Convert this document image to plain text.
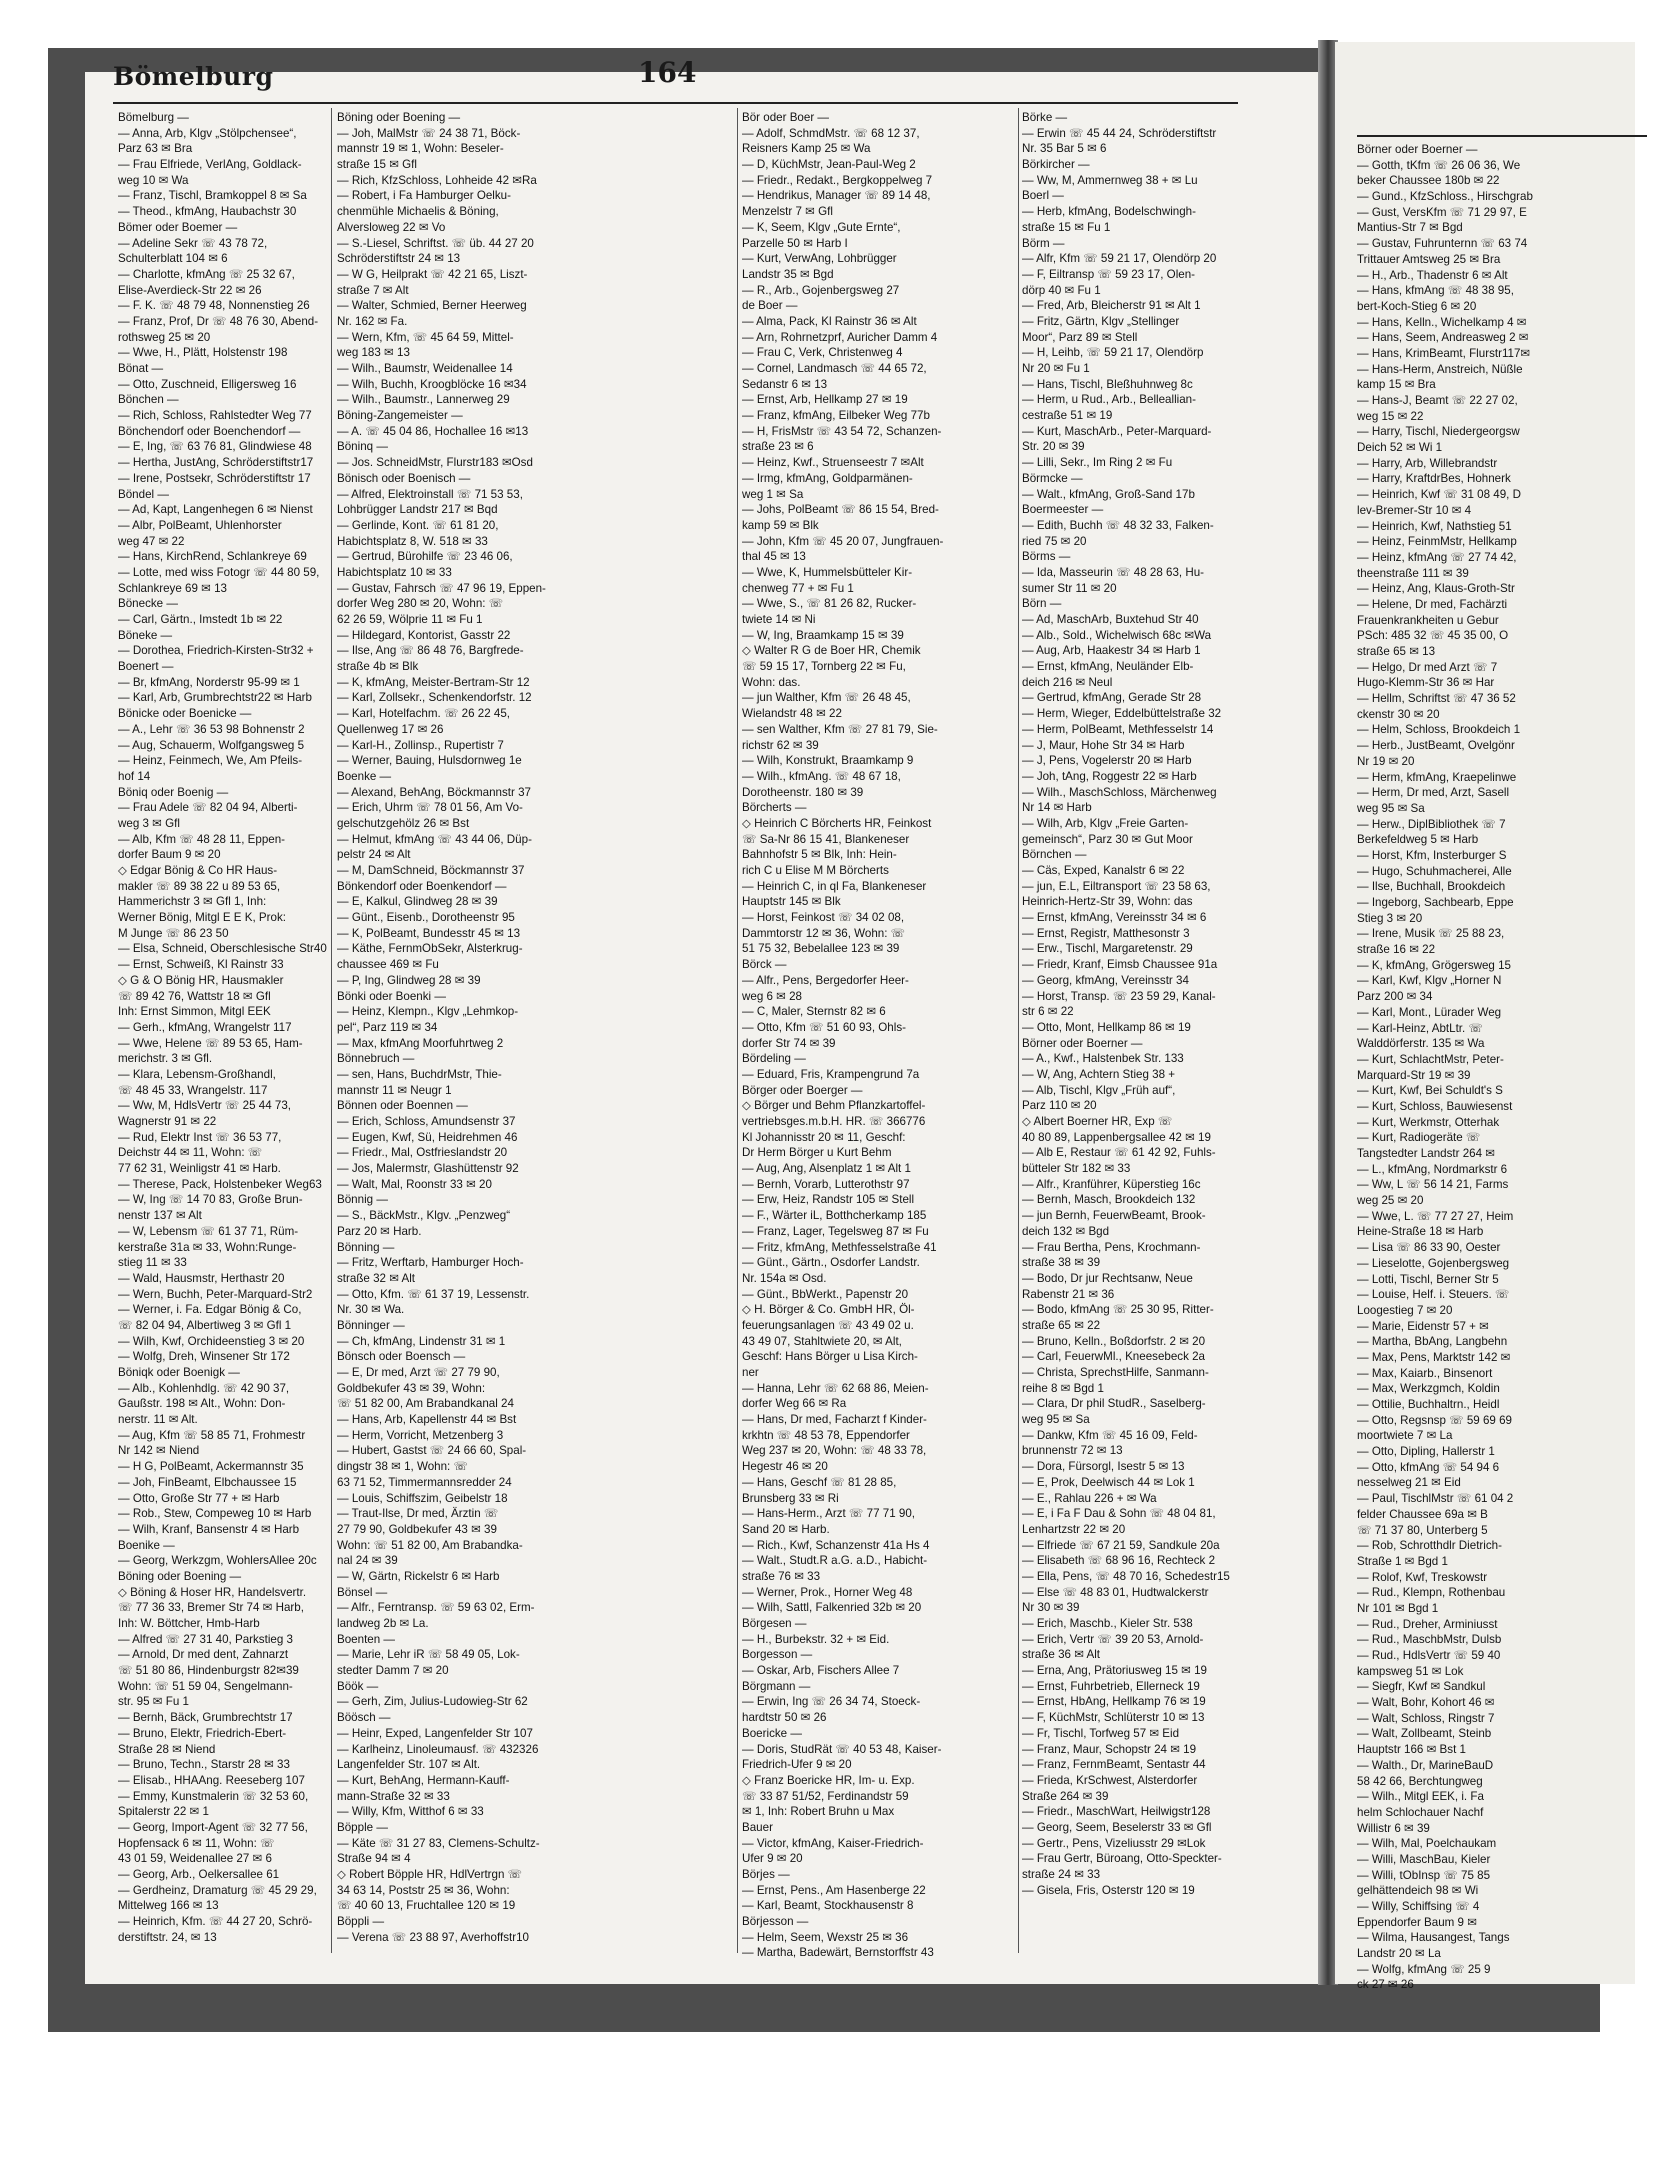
Börner oder Boerner —
— Gotth, tKfm ☏ 26 06 36, We
beker Chaussee 180b ✉ 22
— Gund., KfzSchloss., Hirschgrab
— Gust, VersKfm ☏ 71 29 97, E
Mantius-Str 7 ✉ Bgd
— Gustav, Fuhrunternn ☏ 63 74
Trittauer Amtsweg 25 ✉ Bra
— H., Arb., Thadenstr 6 ✉ Alt
— Hans, kfmAng ☏ 48 38 95,
bert-Koch-Stieg 6 ✉ 20
— Hans, Kelln., Wichelkamp 4 ✉
— Hans, Seem, Andreasweg 2 ✉
— Hans, KrimBeamt, Flurstr117✉
— Hans-Herm, Anstreich, Nüßle
kamp 15 ✉ Bra
— Hans-J, Beamt ☏ 22 27 02,
weg 15 ✉ 22
— Harry, Tischl, Niedergeorgsw
Deich 52 ✉ Wi 1
— Harry, Arb, Willebrandstr
— Harry, KraftdrBes, Hohnerk
— Heinrich, Kwf ☏ 31 08 49, D
lev-Bremer-Str 10 ✉ 4
— Heinrich, Kwf, Nathstieg 51
— Heinz, FeinmMstr, Hellkamp
— Heinz, kfmAng ☏ 27 74 42,
theenstraße 111 ✉ 39
— Heinz, Ang, Klaus-Groth-Str
— Helene, Dr med, Fachärzti
Frauenkrankheiten u Gebur
PSch: 485 32 ☏ 45 35 00, O
straße 65 ✉ 13
— Helgo, Dr med Arzt ☏ 7
Hugo-Klemm-Str 36 ✉ Har
— Hellm, Schriftst ☏ 47 36 52
ckenstr 30 ✉ 20
— Helm, Schloss, Brookdeich 1
— Herb., JustBeamt, Ovelgönr
Nr 19 ✉ 20
— Herm, kfmAng, Kraepelinwe
— Herm, Dr med, Arzt, Sasell
weg 95 ✉ Sa
— Herw., DiplBibliothek ☏ 7
Berkefeldweg 5 ✉ Harb
— Horst, Kfm, Insterburger S
— Hugo, Schuhmacherei, Alle
— Ilse, Buchhall, Brookdeich
— Ingeborg, Sachbearb, Eppe
Stieg 3 ✉ 20
— Irene, Musik ☏ 25 88 23,
straße 16 ✉ 22
— K, kfmAng, Grögersweg 15
— Karl, Kwf, Klgv „Horner N
Parz 200 ✉ 34
— Karl, Mont., Lürader Weg
— Karl-Heinz, AbtLtr. ☏
Walddörferstr. 135 ✉ Wa
— Kurt, SchlachtMstr, Peter-
Marquard-Str 19 ✉ 39
— Kurt, Kwf, Bei Schuldt's S
— Kurt, Schloss, Bauwiesenst
— Kurt, Werkmstr, Otterhak
— Kurt, Radiogeräte ☏
Tangstedter Landstr 264 ✉
— L., kfmAng, Nordmarkstr 6
— Ww, L ☏ 56 14 21, Farms
weg 25 ✉ 20
— Wwe, L. ☏ 77 27 27, Heim
Heine-Straße 18 ✉ Harb
— Lisa ☏ 86 33 90, Oester
— Lieselotte, Gojenbergsweg
— Lotti, Tischl, Berner Str 5
— Louise, Helf. i. Steuers. ☏
Loogestieg 7 ✉ 20
— Marie, Eidenstr 57 + ✉
— Martha, BbAng, Langbehn
— Max, Pens, Marktstr 142 ✉
— Max, Kaiarb., Binsenort
— Max, Werkzgmch, Koldin
— Ottilie, Buchhaltrn., Heidl
— Otto, Regsnsp ☏ 59 69 69
moortwiete 7 ✉ La
— Otto, Dipling, Hallerstr 1
— Otto, kfmAng ☏ 54 94 6
nesselweg 21 ✉ Eid
— Paul, TischlMstr ☏ 61 04 2
felder Chaussee 69a ✉ B
☏ 71 37 80, Unterberg 5
— Rob, Schrotthdlr Dietrich-
Straße 1 ✉ Bgd 1
— Rolof, Kwf, Treskowstr
— Rud., Klempn, Rothenbau
Nr 101 ✉ Bgd 1
— Rud., Dreher, Arminiusst
— Rud., MaschbMstr, Dulsb
— Rud., HdlsVertr ☏ 59 40
kampsweg 51 ✉ Lok
— Siegfr, Kwf ✉ Sandkul
— Walt, Bohr, Kohort 46 ✉
— Walt, Schloss, Ringstr 7
— Walt, Zollbeamt, Steinb
Hauptstr 166 ✉ Bst 1
— Walth., Dr, MarineBauD
58 42 66, Berchtungweg
— Wilh., Mitgl EEK, i. Fa
helm Schlochauer Nachf
Willistr 6 ✉ 39
— Wilh, Mal, Poelchaukam
— Willi, MaschBau, Kieler
— Willi, tObInsp ☏ 75 85
gelhättendeich 98 ✉ Wi
— Willy, Schiffsing ☏ 4
Eppendorfer Baum 9 ✉
— Wilma, Hausangest, Tangs
Landstr 20 ✉ La
— Wolfg, kfmAng ☏ 25 9
ck 27 ✉ 26
Bömelburg	164
Bömelburg —
— Anna, Arb, Klgv „Stölpchensee“,
Parz 63 ✉ Bra
— Frau Elfriede, VerlAng, Goldlack-
weg 10 ✉ Wa
— Franz, Tischl, Bramkoppel 8 ✉ Sa
— Theod., kfmAng, Haubachstr 30
Bömer oder Boemer —
— Adeline Sekr ☏ 43 78 72,
Schulterblatt 104 ✉ 6
— Charlotte, kfmAng ☏ 25 32 67,
Elise-Averdieck-Str 22 ✉ 26
— F. K. ☏ 48 79 48, Nonnenstieg 26
— Franz, Prof, Dr ☏ 48 76 30, Abend-
rothsweg 25 ✉ 20
— Wwe, H., Plätt, Holstenstr 198
Bönat —
— Otto, Zuschneid, Elligersweg 16
Bönchen —
— Rich, Schloss, Rahlstedter Weg 77
Bönchendorf oder Boenchendorf —
— E, Ing, ☏ 63 76 81, Glindwiese 48
— Hertha, JustAng, Schröderstiftstr17
— Irene, Postsekr, Schröderstiftstr 17
Böndel —
— Ad, Kapt, Langenhegen 6 ✉ Nienst
— Albr, PolBeamt, Uhlenhorster
weg 47 ✉ 22
— Hans, KirchRend, Schlankreye 69
— Lotte, med wiss Fotogr ☏ 44 80 59,
Schlankreye 69 ✉ 13
Bönecke —
— Carl, Gärtn., Imstedt 1b ✉ 22
Böneke —
— Dorothea, Friedrich-Kirsten-Str32 +
Boenert —
— Br, kfmAng, Norderstr 95-99 ✉ 1
— Karl, Arb, Grumbrechtstr22 ✉ Harb
Bönicke oder Boenicke —
— A., Lehr ☏ 36 53 98 Bohnenstr 2
— Aug, Schauerm, Wolfgangsweg 5
— Heinz, Feinmech, We, Am Pfeils-
hof 14
Böniq oder Boenig —
— Frau Adele ☏ 82 04 94, Alberti-
weg 3 ✉ Gfl
— Alb, Kfm ☏ 48 28 11, Eppen-
dorfer Baum 9 ✉ 20
◇ Edgar Bönig & Co HR Haus-
makler ☏ 89 38 22 u 89 53 65,
Hammerichstr 3 ✉ Gfl 1, Inh:
Werner Bönig, Mitgl E E K, Prok:
M Junge ☏ 86 23 50
— Elsa, Schneid, Oberschlesische Str40
— Ernst, Schweiß, Kl Rainstr 33
◇ G & O Bönig HR, Hausmakler
☏ 89 42 76, Wattstr 18 ✉ Gfl
Inh: Ernst Simmon, Mitgl EEK
— Gerh., kfmAng, Wrangelstr 117
— Wwe, Helene ☏ 89 53 65, Ham-
merichstr. 3 ✉ Gfl.
— Klara, Lebensm-Großhandl,
☏ 48 45 33, Wrangelstr. 117
— Ww, M, HdlsVertr ☏ 25 44 73,
Wagnerstr 91 ✉ 22
— Rud, Elektr Inst ☏ 36 53 77,
Deichstr 44 ✉ 11, Wohn: ☏
77 62 31, Weinligstr 41 ✉ Harb.
— Therese, Pack, Holstenbeker Weg63
— W, Ing ☏ 14 70 83, Große Brun-
nenstr 137 ✉ Alt
— W, Lebensm ☏ 61 37 71, Rüm-
kerstraße 31a ✉ 33, Wohn:Runge-
stieg 11 ✉ 33
— Wald, Hausmstr, Herthastr 20
— Wern, Buchh, Peter-Marquard-Str2
— Werner, i. Fa. Edgar Bönig & Co,
☏ 82 04 94, Albertiweg 3 ✉ Gfl 1
— Wilh, Kwf, Orchideenstieg 3 ✉ 20
— Wolfg, Dreh, Winsener Str 172
Böniqk oder Boenigk —
— Alb., Kohlenhdlg. ☏ 42 90 37,
Gaußstr. 198 ✉ Alt., Wohn: Don-
nerstr. 11 ✉ Alt.
— Aug, Kfm ☏ 58 85 71, Frohmestr
Nr 142 ✉ Niend
— H G, PolBeamt, Ackermannstr 35
— Joh, FinBeamt, Elbchaussee 15
— Otto, Große Str 77 + ✉ Harb
— Rob., Stew, Compeweg 10 ✉ Harb
— Wilh, Kranf, Bansenstr 4 ✉ Harb
Boenike —
— Georg, Werkzgm, WohlersAllee 20c
Böning oder Boening —
◇ Böning & Hoser HR, Handelsvertr.
☏ 77 36 33, Bremer Str 74 ✉ Harb,
Inh: W. Böttcher, Hmb-Harb
— Alfred ☏ 27 31 40, Parkstieg 3
— Arnold, Dr med dent, Zahnarzt
☏ 51 80 86, Hindenburgstr 82✉39
Wohn: ☏ 51 59 04, Sengelmann-
str. 95 ✉ Fu 1
— Bernh, Bäck, Grumbrechtstr 17
— Bruno, Elektr, Friedrich-Ebert-
Straße 28 ✉ Niend
— Bruno, Techn., Starstr 28 ✉ 33
— Elisab., HHAAng. Reeseberg 107
— Emmy, Kunstmalerin ☏ 32 53 60,
Spitalerstr 22 ✉ 1
— Georg, Import-Agent ☏ 32 77 56,
Hopfensack 6 ✉ 11, Wohn: ☏
43 01 59, Weidenallee 27 ✉ 6
— Georg, Arb., Oelkersallee 61
— Gerdheinz, Dramaturg ☏ 45 29 29,
Mittelweg 166 ✉ 13
— Heinrich, Kfm. ☏ 44 27 20, Schrö-
derstiftstr. 24, ✉ 13
Böning oder Boening —
— Joh, MalMstr ☏ 24 38 71, Böck-
mannstr 19 ✉ 1, Wohn: Beseler-
straße 15 ✉ Gfl
— Rich, KfzSchloss, Lohheide 42 ✉Ra
— Robert, i Fa Hamburger Oelku-
chenmühle Michaelis & Böning,
Alversloweg 22 ✉ Vo
— S.-Liesel, Schriftst. ☏ üb. 44 27 20
Schröderstiftstr 24 ✉ 13
— W G, Heilprakt ☏ 42 21 65, Liszt-
straße 7 ✉ Alt
— Walter, Schmied, Berner Heerweg
Nr. 162 ✉ Fa.
— Wern, Kfm, ☏ 45 64 59, Mittel-
weg 183 ✉ 13
— Wilh., Baumstr, Weidenallee 14
— Wilh, Buchh, Kroogblöcke 16 ✉34
— Wilh., Baumstr., Lannerweg 29
Böning-Zangemeister —
— A. ☏ 45 04 86, Hochallee 16 ✉13
Böninq —
— Jos. SchneidMstr, Flurstr183 ✉Osd
Bönisch oder Boenisch —
— Alfred, Elektroinstall ☏ 71 53 53,
Lohbrügger Landstr 217 ✉ Bqd
— Gerlinde, Kont. ☏ 61 81 20,
Habichtsplatz 8, W. 518 ✉ 33
— Gertrud, Bürohilfe ☏ 23 46 06,
Habichtsplatz 10 ✉ 33
— Gustav, Fahrsch ☏ 47 96 19, Eppen-
dorfer Weg 280 ✉ 20, Wohn: ☏
62 26 59, Wölprie 11 ✉ Fu 1
— Hildegard, Kontorist, Gasstr 22
— Ilse, Ang ☏ 86 48 76, Bargfrede-
straße 4b ✉ Blk
— K, kfmAng, Meister-Bertram-Str 12
— Karl, Zollsekr., Schenkendorfstr. 12
— Karl, Hotelfachm. ☏ 26 22 45,
Quellenweg 17 ✉ 26
— Karl-H., Zollinsp., Rupertistr 7
— Werner, Bauing, Hulsdornweg 1e
Boenke —
— Alexand, BehAng, Böckmannstr 37
— Erich, Uhrm ☏ 78 01 56, Am Vo-
gelschutzgehölz 26 ✉ Bst
— Helmut, kfmAng ☏ 43 44 06, Düp-
pelstr 24 ✉ Alt
— M, DamSchneid, Böckmannstr 37
Bönkendorf oder Boenkendorf —
— E, Kalkul, Glindweg 28 ✉ 39
— Günt., Eisenb., Dorotheenstr 95
— K, PolBeamt, Bundesstr 45 ✉ 13
— Käthe, FernmObSekr, Alsterkrug-
chaussee 469 ✉ Fu
— P, Ing, Glindweg 28 ✉ 39
Bönki oder Boenki —
— Heinz, Klempn., Klgv „Lehmkop-
pel“, Parz 119 ✉ 34
— Max, kfmAng Moorfuhrtweg 2
Bönnebruch —
— sen, Hans, BuchdrMstr, Thie-
mannstr 11 ✉ Neugr 1
Bönnen oder Boennen —
— Erich, Schloss, Amundsenstr 37
— Eugen, Kwf, Sü, Heidrehmen 46
— Friedr., Mal, Ostfrieslandstr 20
— Jos, Malermstr, Glashüttenstr 92
— Walt, Mal, Roonstr 33 ✉ 20
Bönnig —
— S., BäckMstr., Klgv. „Penzweg“
Parz 20 ✉ Harb.
Bönning —
— Fritz, Werftarb, Hamburger Hoch-
straße 32 ✉ Alt
— Otto, Kfm. ☏ 61 37 19, Lessenstr.
Nr. 30 ✉ Wa.
Bönninger —
— Ch, kfmAng, Lindenstr 31 ✉ 1
Bönsch oder Boensch —
— E, Dr med, Arzt ☏ 27 79 90,
Goldbekufer 43 ✉ 39, Wohn:
☏ 51 82 00, Am Brabandkanal 24
— Hans, Arb, Kapellenstr 44 ✉ Bst
— Herm, Vorricht, Metzenberg 3
— Hubert, Gastst ☏ 24 66 60, Spal-
dingstr 38 ✉ 1, Wohn: ☏
63 71 52, Timmermannsredder 24
— Louis, Schiffszim, Geibelstr 18
— Traut-Ilse, Dr med, Ärztin ☏
27 79 90, Goldbekufer 43 ✉ 39
Wohn: ☏ 51 82 00, Am Brabandka-
nal 24 ✉ 39
— W, Gärtn, Rickelstr 6 ✉ Harb
Bönsel —
— Alfr., Ferntransp. ☏ 59 63 02, Erm-
landweg 2b ✉ La.
Boenten —
— Marie, Lehr iR ☏ 58 49 05, Lok-
stedter Damm 7 ✉ 20
Böök —
— Gerh, Zim, Julius-Ludowieg-Str 62
Böösch —
— Heinr, Exped, Langenfelder Str 107
— Karlheinz, Linoleumausf. ☏ 432326
Langenfelder Str. 107 ✉ Alt.
— Kurt, BehAng, Hermann-Kauff-
mann-Straße 32 ✉ 33
— Willy, Kfm, Witthof 6 ✉ 33
Böpple —
— Käte ☏ 31 27 83, Clemens-Schultz-
Straße 94 ✉ 4
◇ Robert Böpple HR, HdlVertrgn ☏
34 63 14, Poststr 25 ✉ 36, Wohn:
☏ 40 60 13, Fruchtallee 120 ✉ 19
Böppli —
— Verena ☏ 23 88 97, Averhoffstr10
Bör oder Boer —
— Adolf, SchmdMstr. ☏ 68 12 37,
Reisners Kamp 25 ✉ Wa
— D, KüchMstr, Jean-Paul-Weg 2
— Friedr., Redakt., Bergkoppelweg 7
— Hendrikus, Manager ☏ 89 14 48,
Menzelstr 7 ✉ Gfl
— K, Seem, Klgv „Gute Ernte“,
Parzelle 50 ✉ Harb I
— Kurt, VerwAng, Lohbrügger
Landstr 35 ✉ Bgd
— R., Arb., Gojenbergsweg 27
de Boer —
— Alma, Pack, Kl Rainstr 36 ✉ Alt
— Arn, Rohrnetzprf, Auricher Damm 4
— Frau C, Verk, Christenweg 4
— Cornel, Landmasch ☏ 44 65 72,
Sedanstr 6 ✉ 13
— Ernst, Arb, Hellkamp 27 ✉ 19
— Franz, kfmAng, Eilbeker Weg 77b
— H, FrisMstr ☏ 43 54 72, Schanzen-
straße 23 ✉ 6
— Heinz, Kwf., Struenseestr 7 ✉Alt
— Irmg, kfmAng, Goldparmänen-
weg 1 ✉ Sa
— Johs, PolBeamt ☏ 86 15 54, Bred-
kamp 59 ✉ Blk
— John, Kfm ☏ 45 20 07, Jungfrauen-
thal 45 ✉ 13
— Wwe, K, Hummelsbütteler Kir-
chenweg 77 + ✉ Fu 1
— Wwe, S., ☏ 81 26 82, Rucker-
twiete 14 ✉ Ni
— W, Ing, Braamkamp 15 ✉ 39
◇ Walter R G de Boer HR, Chemik
☏ 59 15 17, Tornberg 22 ✉ Fu,
Wohn: das.
— jun Walther, Kfm ☏ 26 48 45,
Wielandstr 48 ✉ 22
— sen Walther, Kfm ☏ 27 81 79, Sie-
richstr 62 ✉ 39
— Wilh, Konstrukt, Braamkamp 9
— Wilh., kfmAng. ☏ 48 67 18,
Dorotheenstr. 180 ✉ 39
Börcherts —
◇ Heinrich C Börcherts HR, Feinkost
☏ Sa-Nr 86 15 41, Blankeneser
Bahnhofstr 5 ✉ Blk, Inh: Hein-
rich C u Elise M M Börcherts
— Heinrich C, in ql Fa, Blankeneser
Hauptstr 145 ✉ Blk
— Horst, Feinkost ☏ 34 02 08,
Dammtorstr 12 ✉ 36, Wohn: ☏
51 75 32, Bebelallee 123 ✉ 39
Börck —
— Alfr., Pens, Bergedorfer Heer-
weg 6 ✉ 28
— C, Maler, Sternstr 82 ✉ 6
— Otto, Kfm ☏ 51 60 93, Ohls-
dorfer Str 74 ✉ 39
Bördeling —
— Eduard, Fris, Krampengrund 7a
Börger oder Boerger —
◇ Börger und Behm Pflanzkartoffel-
vertriebsges.m.b.H. HR. ☏ 366776
Kl Johannisstr 20 ✉ 11, Geschf:
Dr Herm Börger u Kurt Behm
— Aug, Ang, Alsenplatz 1 ✉ Alt 1
— Bernh, Vorarb, Lutterothstr 97
— Erw, Heiz, Randstr 105 ✉ Stell
— F., Wärter iL, Botthcherkamp 185
— Franz, Lager, Tegelsweg 87 ✉ Fu
— Fritz, kfmAng, Methfesselstraße 41
— Günt., Gärtn., Osdorfer Landstr.
Nr. 154a ✉ Osd.
— Günt., BbWerkt., Papenstr 20
◇ H. Börger & Co. GmbH HR, Öl-
feuerungsanlagen ☏ 43 49 02 u.
43 49 07, Stahltwiete 20, ✉ Alt,
Geschf: Hans Börger u Lisa Kirch-
ner
— Hanna, Lehr ☏ 62 68 86, Meien-
dorfer Weg 66 ✉ Ra
— Hans, Dr med, Facharzt f Kinder-
krkhtn ☏ 48 53 78, Eppendorfer
Weg 237 ✉ 20, Wohn: ☏ 48 33 78,
Hegestr 46 ✉ 20
— Hans, Geschf ☏ 81 28 85,
Brunsberg 33 ✉ Ri
— Hans-Herm., Arzt ☏ 77 71 90,
Sand 20 ✉ Harb.
— Rich., Kwf, Schanzenstr 41a Hs 4
— Walt., Studt.R a.G. a.D., Habicht-
straße 76 ✉ 33
— Werner, Prok., Horner Weg 48
— Wilh, Sattl, Falkenried 32b ✉ 20
Börgesen —
— H., Burbekstr. 32 + ✉ Eid.
Borgesson —
— Oskar, Arb, Fischers Allee 7
Börgmann —
— Erwin, Ing ☏ 26 34 74, Stoeck-
hardtstr 50 ✉ 26
Boericke —
— Doris, StudRät ☏ 40 53 48, Kaiser-
Friedrich-Ufer 9 ✉ 20
◇ Franz Boericke HR, Im- u. Exp.
☏ 33 87 51/52, Ferdinandstr 59
✉ 1, Inh: Robert Bruhn u Max
Bauer
— Victor, kfmAng, Kaiser-Friedrich-
Ufer 9 ✉ 20
Börjes —
— Ernst, Pens., Am Hasenberge 22
— Karl, Beamt, Stockhausenstr 8
Börjesson —
— Helm, Seem, Wexstr 25 ✉ 36
— Martha, Badewärt, Bernstorffstr 43
Börke —
— Erwin ☏ 45 44 24, Schröderstiftstr
Nr. 35 Bar 5 ✉ 6
Börkircher —
— Ww, M, Ammernweg 38 + ✉ Lu
Boerl —
— Herb, kfmAng, Bodelschwingh-
straße 15 ✉ Fu 1
Börm —
— Alfr, Kfm ☏ 59 21 17, Olendörp 20
— F, Eiltransp ☏ 59 23 17, Olen-
dörp 40 ✉ Fu 1
— Fred, Arb, Bleicherstr 91 ✉ Alt 1
— Fritz, Gärtn, Klgv „Stellinger
Moor“, Parz 89 ✉ Stell
— H, Leihb, ☏ 59 21 17, Olendörp
Nr 20 ✉ Fu 1
— Hans, Tischl, Bleßhuhnweg 8c
— Herm, u Rud., Arb., Belleallian-
cestraße 51 ✉ 19
— Kurt, MaschArb., Peter-Marquard-
Str. 20 ✉ 39
— Lilli, Sekr., Im Ring 2 ✉ Fu
Börmcke —
— Walt., kfmAng, Groß-Sand 17b
Boermeester —
— Edith, Buchh ☏ 48 32 33, Falken-
ried 75 ✉ 20
Börms —
— Ida, Masseurin ☏ 48 28 63, Hu-
sumer Str 11 ✉ 20
Börn —
— Ad, MaschArb, Buxtehud Str 40
— Alb., Sold., Wichelwisch 68c ✉Wa
— Aug, Arb, Haakestr 34 ✉ Harb 1
— Ernst, kfmAng, Neuländer Elb-
deich 216 ✉ Neul
— Gertrud, kfmAng, Gerade Str 28
— Herm, Wieger, Eddelbüttelstraße 32
— Herm, PolBeamt, Methfesselstr 14
— J, Maur, Hohe Str 34 ✉ Harb
— J, Pens, Vogelerstr 20 ✉ Harb
— Joh, tAng, Roggestr 22 ✉ Harb
— Wilh., MaschSchloss, Märchenweg
Nr 14 ✉ Harb
— Wilh, Arb, Klgv „Freie Garten-
gemeinsch“, Parz 30 ✉ Gut Moor
Börnchen —
— Cäs, Exped, Kanalstr 6 ✉ 22
— jun, E.L, Eiltransport ☏ 23 58 63,
Heinrich-Hertz-Str 39, Wohn: das
— Ernst, kfmAng, Vereinsstr 34 ✉ 6
— Ernst, Registr, Matthesonstr 3
— Erw., Tischl, Margaretenstr. 29
— Friedr, Kranf, Eimsb Chaussee 91a
— Georg, kfmAng, Vereinsstr 34
— Horst, Transp. ☏ 23 59 29, Kanal-
str 6 ✉ 22
— Otto, Mont, Hellkamp 86 ✉ 19
Börner oder Boerner —
— A., Kwf., Halstenbek Str. 133
— W, Ang, Achtern Stieg 38 +
— Alb, Tischl, Klgv „Früh auf“,
Parz 110 ✉ 20
◇ Albert Boerner HR, Exp ☏
40 80 89, Lappenbergsallee 42 ✉ 19
— Alb E, Restaur ☏ 61 42 92, Fuhls-
bütteler Str 182 ✉ 33
— Alfr., Kranführer, Küperstieg 16c
— Bernh, Masch, Brookdeich 132
— jun Bernh, FeuerwBeamt, Brook-
deich 132 ✉ Bgd
— Frau Bertha, Pens, Krochmann-
straße 38 ✉ 39
— Bodo, Dr jur Rechtsanw, Neue
Rabenstr 21 ✉ 36
— Bodo, kfmAng ☏ 25 30 95, Ritter-
straße 65 ✉ 22
— Bruno, Kelln., Boßdorfstr. 2 ✉ 20
— Carl, FeuerwMl., Kneesebeck 2a
— Christa, SprechstHilfe, Sanmann-
reihe 8 ✉ Bgd 1
— Clara, Dr phil StudR., Saselberg-
weg 95 ✉ Sa
— Dankw, Kfm ☏ 45 16 09, Feld-
brunnenstr 72 ✉ 13
— Dora, Fürsorgl, Isestr 5 ✉ 13
— E, Prok, Deelwisch 44 ✉ Lok 1
— E., Rahlau 226 + ✉ Wa
— E, i Fa F Dau & Sohn ☏ 48 04 81,
Lenhartzstr 22 ✉ 20
— Elfriede ☏ 67 21 59, Sandkule 20a
— Elisabeth ☏ 68 96 16, Rechteck 2
— Ella, Pens, ☏ 48 70 16, Schedestr15
— Else ☏ 48 83 01, Hudtwalckerstr
Nr 30 ✉ 39
— Erich, Maschb., Kieler Str. 538
— Erich, Vertr ☏ 39 20 53, Arnold-
straße 36 ✉ Alt
— Erna, Ang, Prätoriusweg 15 ✉ 19
— Ernst, Fuhrbetrieb, Ellerneck 19
— Ernst, HbAng, Hellkamp 76 ✉ 19
— F, KüchMstr, Schlüterstr 10 ✉ 13
— Fr, Tischl, Torfweg 57 ✉ Eid
— Franz, Maur, Schopstr 24 ✉ 19
— Franz, FernmBeamt, Sentastr 44
— Frieda, KrSchwest, Alsterdorfer
Straße 264 ✉ 39
— Friedr., MaschWart, Heilwigstr128
— Georg, Seem, Beselerstr 33 ✉ Gfl
— Gertr., Pens, Vizeliusstr 29 ✉Lok
— Frau Gertr, Büroang, Otto-Speckter-
straße 24 ✉ 33
— Gisela, Fris, Osterstr 120 ✉ 19
